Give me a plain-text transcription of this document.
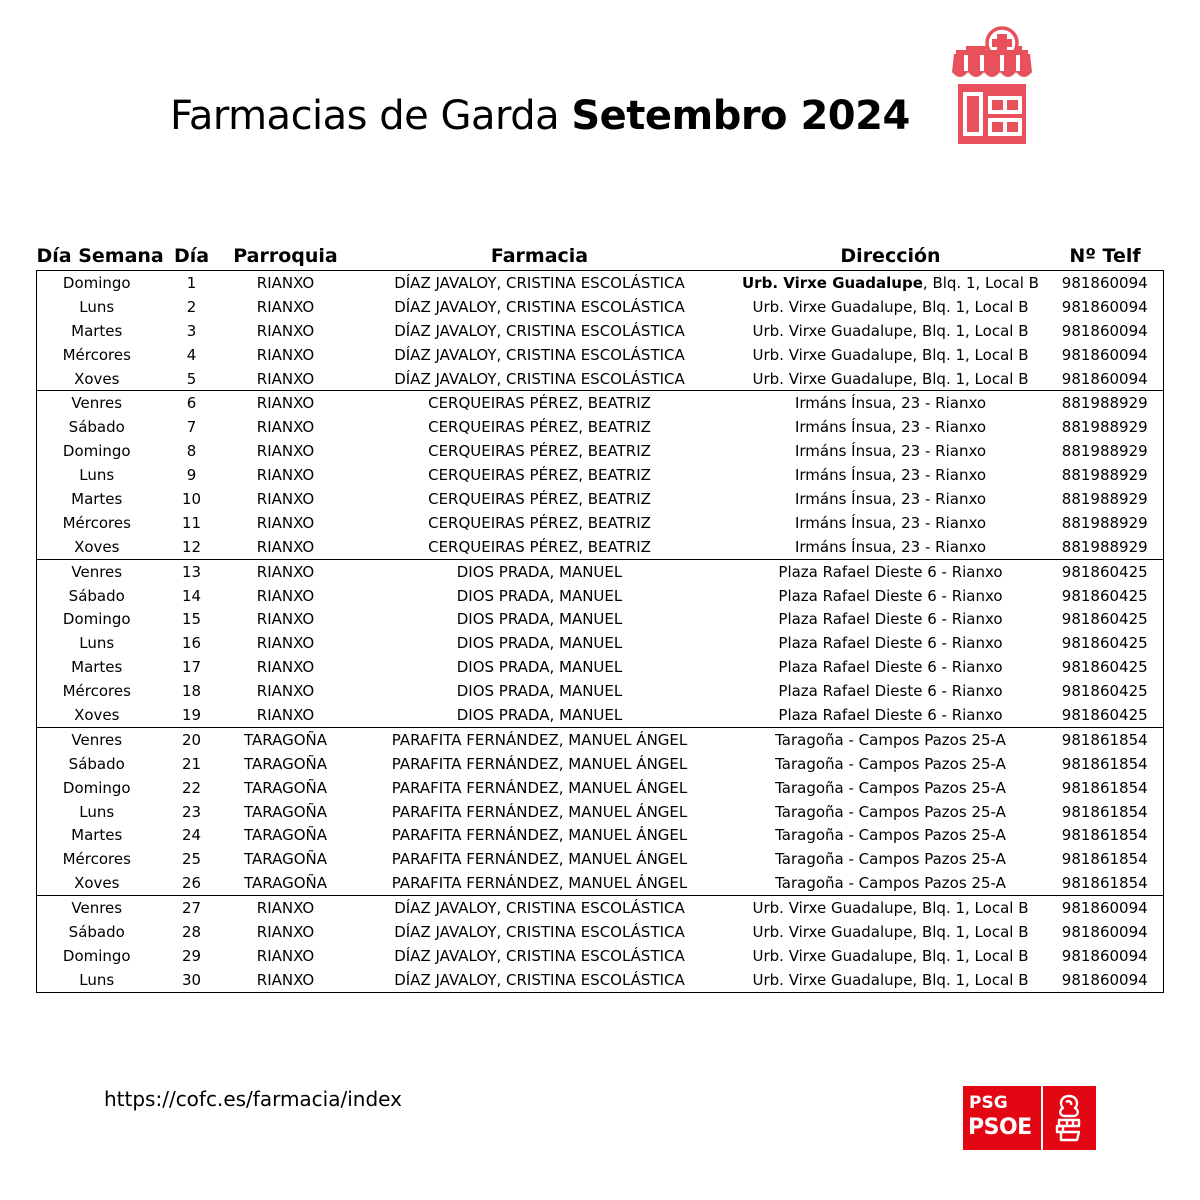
Farmacias de Garda Setembro 2024
Día Semana	Día	Parroquia	Farmacia	Dirección	Nº Telf
Domingo	1	RIANXO	DÍAZ JAVALOY, CRISTINA ESCOLÁSTICA	Urb. Virxe Guadalupe, Blq. 1, Local B	981860094
Luns	2	RIANXO	DÍAZ JAVALOY, CRISTINA ESCOLÁSTICA	Urb. Virxe Guadalupe, Blq. 1, Local B	981860094
Martes	3	RIANXO	DÍAZ JAVALOY, CRISTINA ESCOLÁSTICA	Urb. Virxe Guadalupe, Blq. 1, Local B	981860094
Mércores	4	RIANXO	DÍAZ JAVALOY, CRISTINA ESCOLÁSTICA	Urb. Virxe Guadalupe, Blq. 1, Local B	981860094
Xoves	5	RIANXO	DÍAZ JAVALOY, CRISTINA ESCOLÁSTICA	Urb. Virxe Guadalupe, Blq. 1, Local B	981860094
Venres	6	RIANXO	CERQUEIRAS PÉREZ, BEATRIZ	Irmáns Ínsua, 23 - Rianxo	881988929
Sábado	7	RIANXO	CERQUEIRAS PÉREZ, BEATRIZ	Irmáns Ínsua, 23 - Rianxo	881988929
Domingo	8	RIANXO	CERQUEIRAS PÉREZ, BEATRIZ	Irmáns Ínsua, 23 - Rianxo	881988929
Luns	9	RIANXO	CERQUEIRAS PÉREZ, BEATRIZ	Irmáns Ínsua, 23 - Rianxo	881988929
Martes	10	RIANXO	CERQUEIRAS PÉREZ, BEATRIZ	Irmáns Ínsua, 23 - Rianxo	881988929
Mércores	11	RIANXO	CERQUEIRAS PÉREZ, BEATRIZ	Irmáns Ínsua, 23 - Rianxo	881988929
Xoves	12	RIANXO	CERQUEIRAS PÉREZ, BEATRIZ	Irmáns Ínsua, 23 - Rianxo	881988929
Venres	13	RIANXO	DIOS PRADA, MANUEL	Plaza Rafael Dieste 6 - Rianxo	981860425
Sábado	14	RIANXO	DIOS PRADA, MANUEL	Plaza Rafael Dieste 6 - Rianxo	981860425
Domingo	15	RIANXO	DIOS PRADA, MANUEL	Plaza Rafael Dieste 6 - Rianxo	981860425
Luns	16	RIANXO	DIOS PRADA, MANUEL	Plaza Rafael Dieste 6 - Rianxo	981860425
Martes	17	RIANXO	DIOS PRADA, MANUEL	Plaza Rafael Dieste 6 - Rianxo	981860425
Mércores	18	RIANXO	DIOS PRADA, MANUEL	Plaza Rafael Dieste 6 - Rianxo	981860425
Xoves	19	RIANXO	DIOS PRADA, MANUEL	Plaza Rafael Dieste 6 - Rianxo	981860425
Venres	20	TARAGOÑA	PARAFITA FERNÁNDEZ, MANUEL ÁNGEL	Taragoña - Campos Pazos 25-A	981861854
Sábado	21	TARAGOÑA	PARAFITA FERNÁNDEZ, MANUEL ÁNGEL	Taragoña - Campos Pazos 25-A	981861854
Domingo	22	TARAGOÑA	PARAFITA FERNÁNDEZ, MANUEL ÁNGEL	Taragoña - Campos Pazos 25-A	981861854
Luns	23	TARAGOÑA	PARAFITA FERNÁNDEZ, MANUEL ÁNGEL	Taragoña - Campos Pazos 25-A	981861854
Martes	24	TARAGOÑA	PARAFITA FERNÁNDEZ, MANUEL ÁNGEL	Taragoña - Campos Pazos 25-A	981861854
Mércores	25	TARAGOÑA	PARAFITA FERNÁNDEZ, MANUEL ÁNGEL	Taragoña - Campos Pazos 25-A	981861854
Xoves	26	TARAGOÑA	PARAFITA FERNÁNDEZ, MANUEL ÁNGEL	Taragoña - Campos Pazos 25-A	981861854
Venres	27	RIANXO	DÍAZ JAVALOY, CRISTINA ESCOLÁSTICA	Urb. Virxe Guadalupe, Blq. 1, Local B	981860094
Sábado	28	RIANXO	DÍAZ JAVALOY, CRISTINA ESCOLÁSTICA	Urb. Virxe Guadalupe, Blq. 1, Local B	981860094
Domingo	29	RIANXO	DÍAZ JAVALOY, CRISTINA ESCOLÁSTICA	Urb. Virxe Guadalupe, Blq. 1, Local B	981860094
Luns	30	RIANXO	DÍAZ JAVALOY, CRISTINA ESCOLÁSTICA	Urb. Virxe Guadalupe, Blq. 1, Local B	981860094
https://cofc.es/farmacia/index	PSG
PSOE
